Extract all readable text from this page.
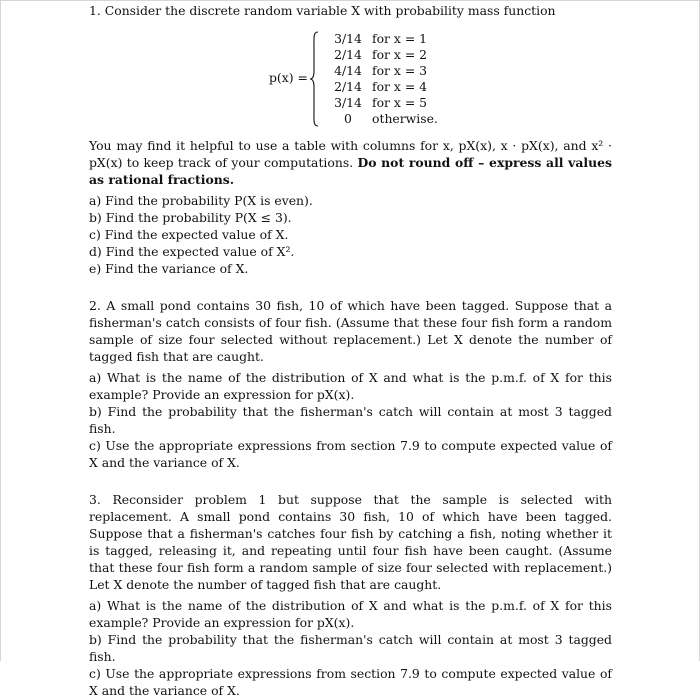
1. Consider the discrete random variable X with probability mass function

p(x) =
3/14 for x = 1
2/14 for x = 2
4/14 for x = 3
2/14 for x = 4
3/14 for x = 5
0	otherwise.

You may find it helpful to use a table with columns for x, pX(x), x · pX(x), and x² · pX(x) to keep track of your computations. Do not round off – express all values as rational fractions.

a) Find the probability P(X is even).

b) Find the probability P(X ≤ 3).

c) Find the expected value of X.

d) Find the expected value of X².

e) Find the variance of X.

2. A small pond contains 30 fish, 10 of which have been tagged. Suppose that a fisherman's catch consists of four fish. (Assume that these four fish form a random sample of size four selected without replacement.) Let X denote the number of tagged fish that are caught.

a) What is the name of the distribution of X and what is the p.m.f. of X for this example? Provide an expression for pX(x).

b) Find the probability that the fisherman's catch will contain at most 3 tagged fish.

c) Use the appropriate expressions from section 7.9 to compute expected value of X and the variance of X.

3. Reconsider problem 1 but suppose that the sample is selected with replacement. A small pond contains 30 fish, 10 of which have been tagged. Suppose that a fisherman's catches four fish by catching a fish, noting whether it is tagged, releasing it, and repeating until four fish have been caught. (Assume that these four fish form a random sample of size four selected with replacement.) Let X denote the number of tagged fish that are caught.

a) What is the name of the distribution of X and what is the p.m.f. of X for this example? Provide an expression for pX(x).

b) Find the probability that the fisherman's catch will contain at most 3 tagged fish.

c) Use the appropriate expressions from section 7.9 to compute expected value of X and the variance of X.
